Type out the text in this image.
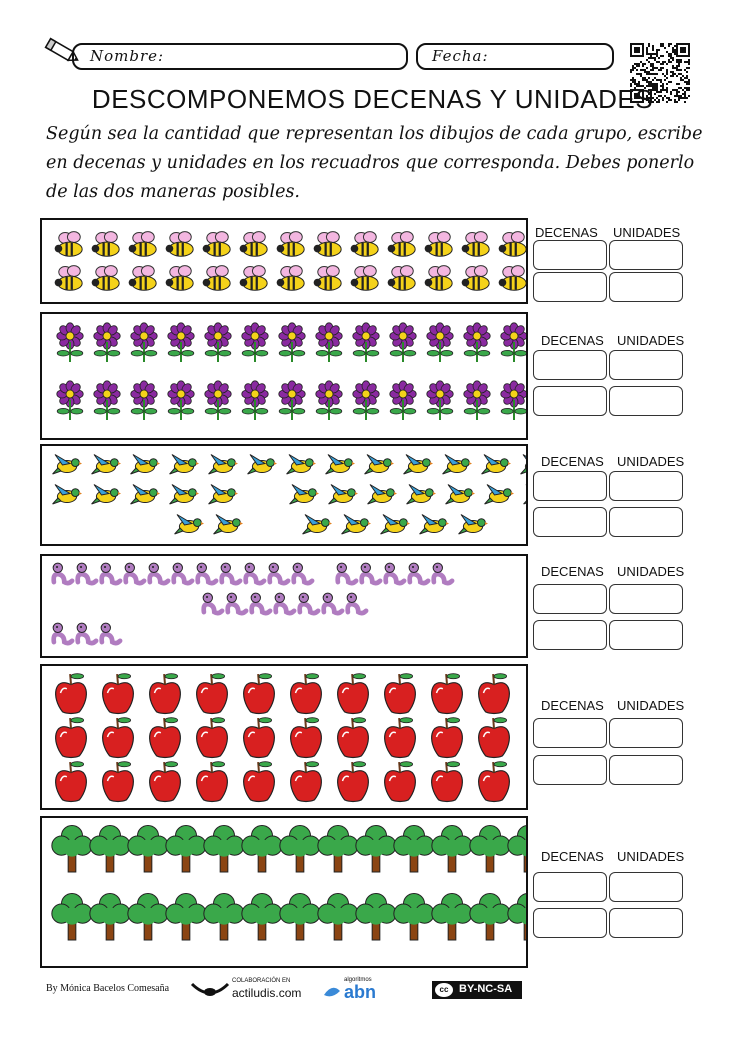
Nombre:	Fecha:
DESCOMPONEMOS DECENAS Y UNIDADES
Según sea la cantidad que representan los dibujos de cada grupo, escribe en decenas y unidades en los recuadros que corresponda. Debes ponerlo de las dos maneras posibles.
DECENAS UNIDADES
DECENAS UNIDADES
DECENAS UNIDADES
DECENAS UNIDADES
DECENAS UNIDADES
DECENAS UNIDADES
By Mónica Bacelos Comesaña
COLABORACIÓN EN
actiludis.com
algoritmos
abn	cc BY-NC-SA
